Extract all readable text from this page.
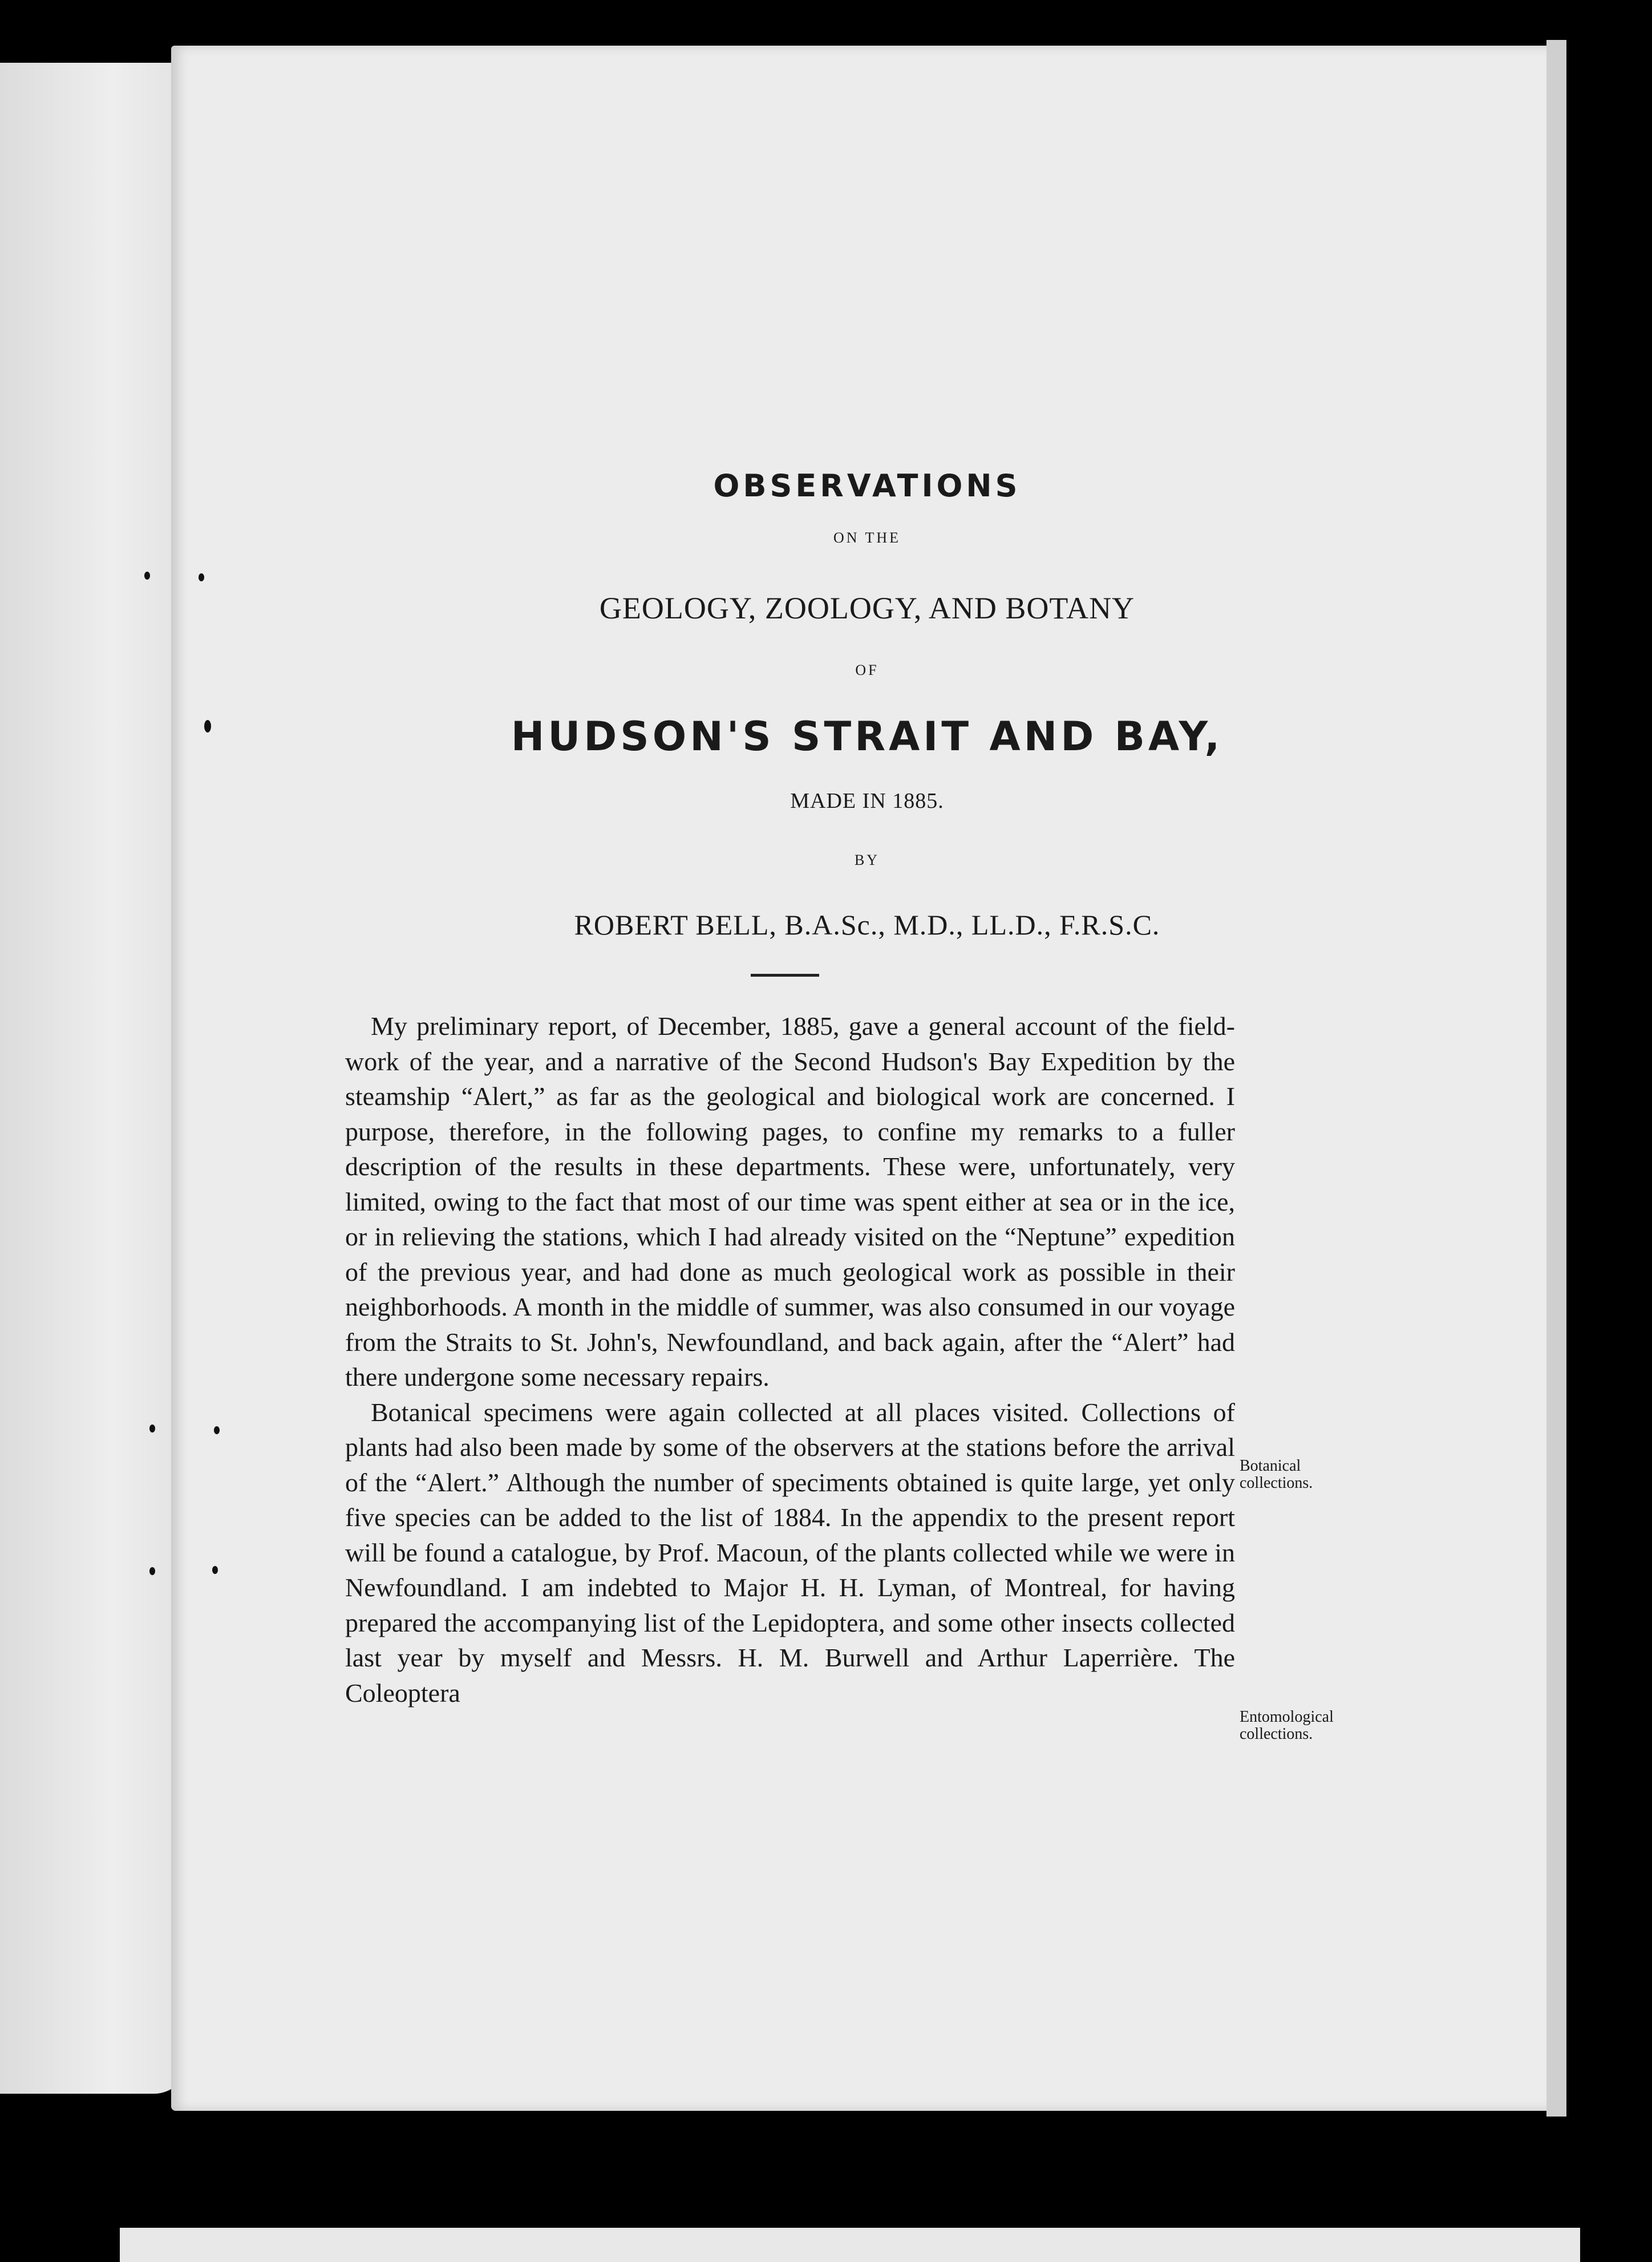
OBSERVATIONS
ON THE
GEOLOGY, ZOOLOGY, AND BOTANY
OF
HUDSON'S STRAIT AND BAY,
MADE IN 1885.
BY
ROBERT BELL, B.A.Sc., M.D., LL.D., F.R.S.C.

My preliminary report, of December, 1885, gave a general account of the field-work of the year, and a narrative of the Second Hudson's Bay Expedition by the steamship “Alert,” as far as the geological and biological work are concerned. I purpose, therefore, in the following pages, to confine my remarks to a fuller description of the results in these departments. These were, unfortunately, very limited, owing to the fact that most of our time was spent either at sea or in the ice, or in relieving the stations, which I had already visited on the “Neptune” expedition of the previous year, and had done as much geological work as possible in their neighborhoods. A month in the middle of summer, was also consumed in our voyage from the Straits to St. John's, Newfoundland, and back again, after the “Alert” had there undergone some necessary repairs.

Botanical specimens were again collected at all places visited. Collections of plants had also been made by some of the observers at the stations before the arrival of the “Alert.” Although the number of speciments obtained is quite large, yet only five species can be added to the list of 1884. In the appendix to the present report will be found a catalogue, by Prof. Macoun, of the plants collected while we were in Newfoundland. I am indebted to Major H. H. Lyman, of Montreal, for having prepared the accompanying list of the Lepidoptera, and some other insects collected last year by myself and Messrs. H. M. Burwell and Arthur Laperrière. The Coleoptera

Botanical collections.
Entomological collections.
